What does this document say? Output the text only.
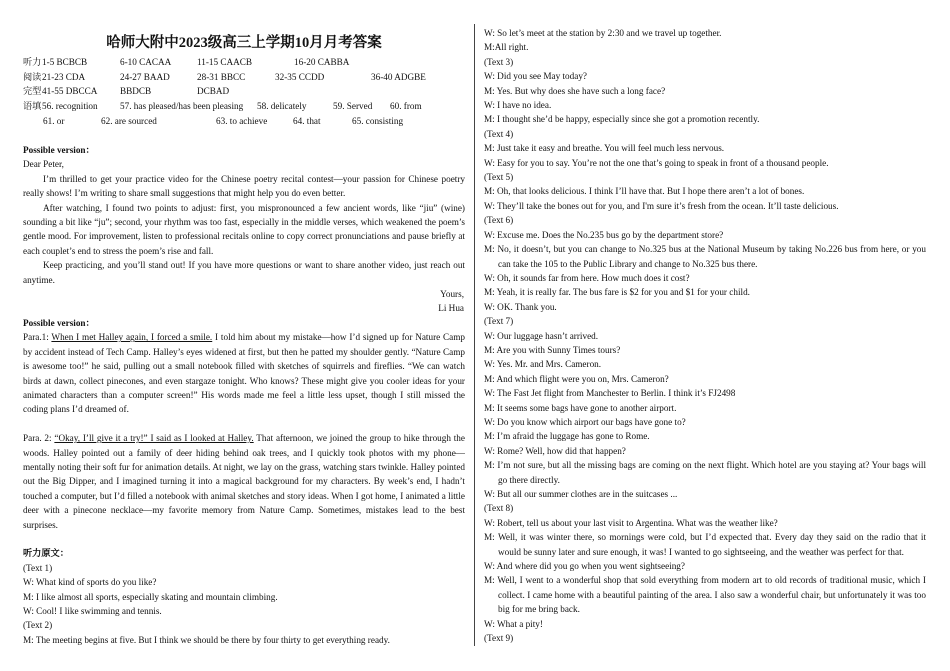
哈师大附中2023级高三上学期10月月考答案
听力 1-5 BCBCB	6-10 CACAA	11-15 CAACB	16-20 CABBA
阅读 21-23 CDA	24-27 BAAD	28-31 BBCC	32-35 CCDD	36-40 ADGBE
完型 41-55 DBCCA BBDCB	DCBAD
语填 56. recognition 57. has pleased/has been pleasing 58. delicately	59. Served 60. from
61. or	62. are sourced	63. to achieve	64. that	65. consisting

Possible version：

Dear Peter,

I’m thrilled to get your practice video for the Chinese poetry recital contest—your passion for Chinese poetry really shows! I’m writing to share small suggestions that might help you do even better.

After watching, I found two points to adjust: first, you mispronounced a few ancient words, like “jiu” (wine) sounding a bit like “ju”; second, your rhythm was too fast, especially in the middle verses, which weakened the poem’s gentle mood. For improvement, listen to professional recitals online to copy correct pronunciations and pause briefly at each couplet’s end to stress the poem’s rise and fall.

Keep practicing, and you’ll stand out! If you have more questions or want to share another video, just reach out anytime.

Yours,

Li Hua

Possible version：

Para.1: When I met Halley again, I forced a smile. I told him about my mistake—how I’d signed up for Nature Camp by accident instead of Tech Camp. Halley’s eyes widened at first, but then he patted my shoulder gently. “Nature Camp is awesome too!” he said, pulling out a small notebook filled with sketches of squirrels and fireflies. “We can watch birds at dawn, collect pinecones, and even stargaze tonight. Who knows? These might give you cooler ideas for your animated characters than a computer screen!” His words made me feel a little less upset, though I still missed the coding plans I’d dreamed of.

Para. 2: “Okay, I’ll give it a try!” I said as I looked at Halley. That afternoon, we joined the group to hike through the woods. Halley pointed out a family of deer hiding behind oak trees, and I quickly took photos with my phone—mentally noting their soft fur for animation details. At night, we lay on the grass, watching stars twinkle. Halley pointed out the Big Dipper, and I imagined turning it into a magical background for my characters. By week’s end, I hadn’t touched a computer, but I’d filled a notebook with animal sketches and story ideas. When I got home, I animated a little deer with a pinecone necklace—my favorite memory from Nature Camp. Sometimes, mistakes lead to the best surprises.

听力原文：

(Text 1)

W: What kind of sports do you like?

M: I like almost all sports, especially skating and mountain climbing.

W: Cool! I like swimming and tennis.

(Text 2)

M: The meeting begins at five. But I think we should be there by four thirty to get everything ready.

W: So let’s meet at the station by 2:30 and we travel up together.

M:All right.

(Text 3)

W: Did you see May today?

M: Yes. But why does she have such a long face?

W: I have no idea.

M: I thought she’d be happy, especially since she got a promotion recently.

(Text 4)

M: Just take it easy and breathe. You will feel much less nervous.

W: Easy for you to say. You’re not the one that’s going to speak in front of a thousand people.

(Text 5)

M: Oh, that looks delicious. I think I’ll have that. But I hope there aren’t a lot of bones.

W: They’ll take the bones out for you, and I'm sure it’s fresh from the ocean. It’ll taste delicious.

(Text 6)

W: Excuse me. Does the No.235 bus go by the department store?

M: No, it doesn’t, but you can change to No.325 bus at the National Museum by taking No.226 bus from here, or you can take the 105 to the Public Library and change to No.325 bus there.

W: Oh, it sounds far from here. How much does it cost?

M: Yeah, it is really far. The bus fare is $2 for you and $1 for your child.

W: OK. Thank you.

(Text 7)

W: Our luggage hasn’t arrived.

M: Are you with Sunny Times tours?

W: Yes. Mr. and Mrs. Cameron.

M: And which flight were you on, Mrs. Cameron?

W: The Fast Jet flight from Manchester to Berlin. I think it’s FJ2498

M: It seems some bags have gone to another airport.

W: Do you know which airport our bags have gone to?

M: I’m afraid the luggage has gone to Rome.

W: Rome? Well, how did that happen?

M: I’m not sure, but all the missing bags are coming on the next flight. Which hotel are you staying at? Your bags will go there directly.

W: But all our summer clothes are in the suitcases ...

(Text 8)

W: Robert, tell us about your last visit to Argentina. What was the weather like?

M: Well, it was winter there, so mornings were cold, but I’d expected that. Every day they said on the radio that it would be sunny later and sure enough, it was! I wanted to go sightseeing, and the weather was perfect for that.

W: And where did you go when you went sightseeing?

M: Well, I went to a wonderful shop that sold everything from modern art to old records of traditional music, which I collect. I came home with a beautiful painting of the area. I also saw a wonderful chair, but unfortunately it was too big for me bring back.

W: What a pity!

(Text 9)
